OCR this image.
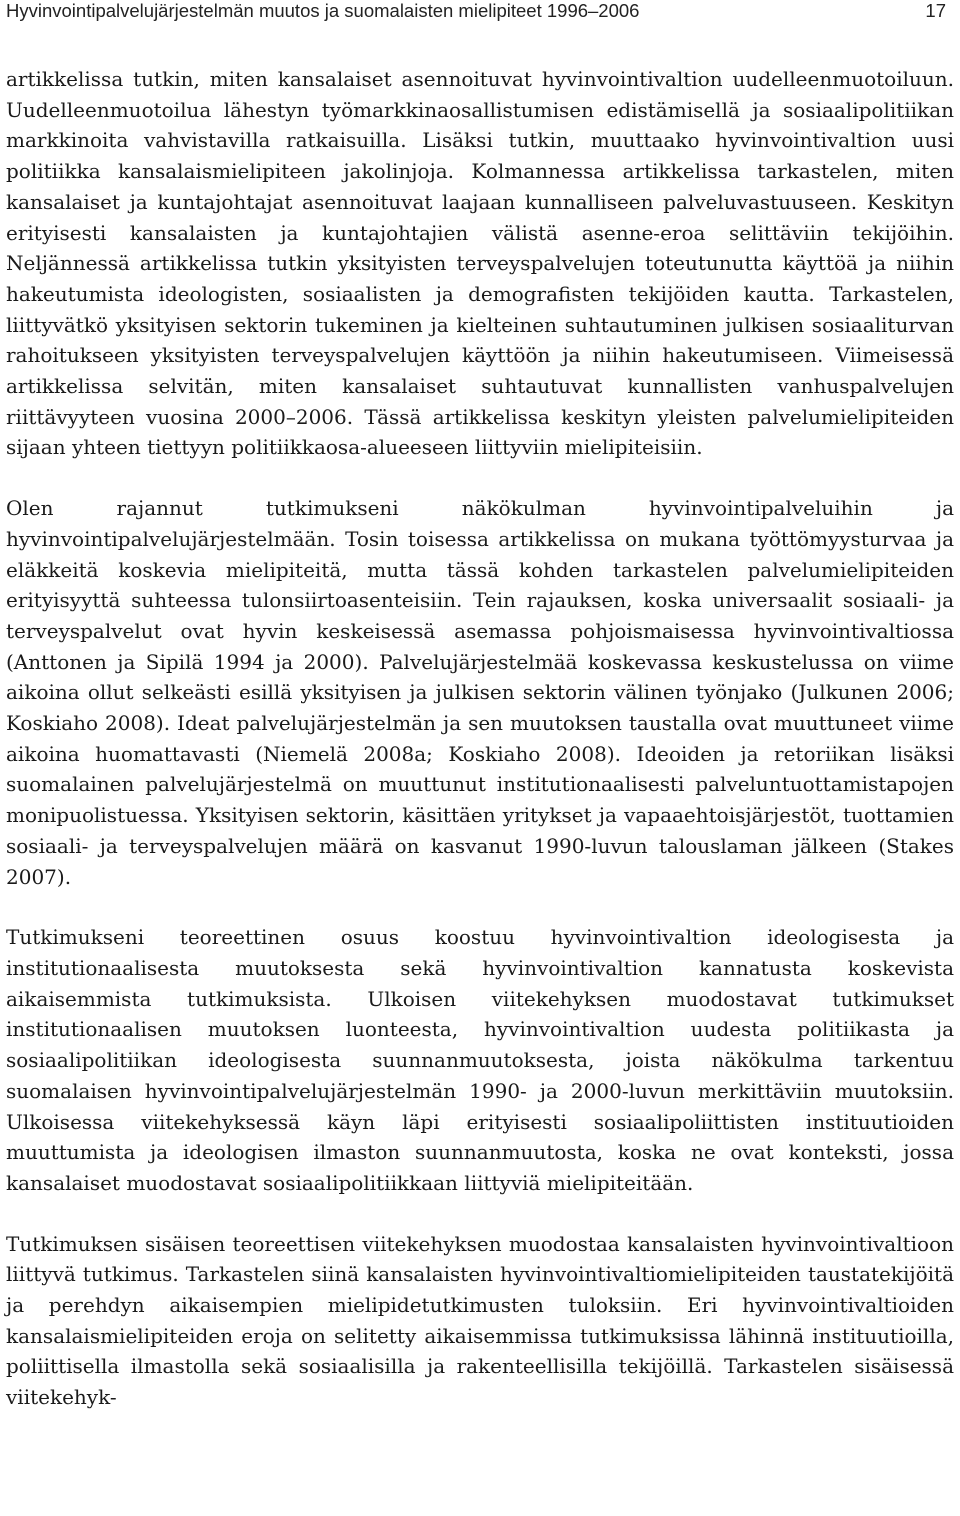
Hyvinvointipalvelujärjestelmän muutos ja suomalaisten mielipiteet 1996–2006	17

artikkelissa tutkin, miten kansalaiset asennoituvat hyvinvointivaltion uudelleenmuotoiluun. Uudelleenmuotoilua lähestyn työmarkkinaosallistumisen edistämisellä ja sosiaalipolitiikan markkinoita vahvistavilla ratkaisuilla. Lisäksi tutkin, muuttaako hyvinvointivaltion uusi politiikka kansalaismielipiteen jakolinjoja. Kolmannessa artikkelissa tarkastelen, miten kansalaiset ja kuntajohtajat asennoituvat laajaan kunnalliseen palveluvastuuseen. Keskityn erityisesti kansalaisten ja kuntajohtajien välistä asenne-eroa selittäviin tekijöihin. Neljännessä artikkelissa tutkin yksityisten terveyspalvelujen toteutunutta käyttöä ja niihin hakeutumista ideologisten, sosiaalisten ja demografisten tekijöiden kautta. Tarkastelen, liittyvätkö yksityisen sektorin tukeminen ja kielteinen suhtautuminen julkisen sosiaaliturvan rahoitukseen yksityisten terveyspalvelujen käyttöön ja niihin hakeutumiseen. Viimeisessä artikkelissa selvitän, miten kansalaiset suhtautuvat kunnallisten vanhuspalvelujen riittävyyteen vuosina 2000–2006. Tässä artikkelissa keskityn yleisten palvelumielipiteiden sijaan yhteen tiettyyn politiikkaosa-alueeseen liittyviin mielipiteisiin.

Olen rajannut tutkimukseni näkökulman hyvinvointipalveluihin ja hyvinvointipalvelujärjestelmään. Tosin toisessa artikkelissa on mukana työttömyysturvaa ja eläkkeitä koskevia mielipiteitä, mutta tässä kohden tarkastelen palvelumielipiteiden erityisyyttä suhteessa tulonsiirtoasenteisiin. Tein rajauksen, koska universaalit sosiaali- ja terveyspalvelut ovat hyvin keskeisessä asemassa pohjoismaisessa hyvinvointivaltiossa (Anttonen ja Sipilä 1994 ja 2000). Palvelujärjestelmää koskevassa keskustelussa on viime aikoina ollut selkeästi esillä yksityisen ja julkisen sektorin välinen työnjako (Julkunen 2006; Koskiaho 2008). Ideat palvelujärjestelmän ja sen muutoksen taustalla ovat muuttuneet viime aikoina huomattavasti (Niemelä 2008a; Koskiaho 2008). Ideoiden ja retoriikan lisäksi suomalainen palvelujärjestelmä on muuttunut institutionaalisesti palveluntuottamistapojen monipuolistuessa. Yksityisen sektorin, käsittäen yritykset ja vapaaehtoisjärjestöt, tuottamien sosiaali- ja terveyspalvelujen määrä on kasvanut 1990-luvun talouslaman jälkeen (Stakes 2007).

Tutkimukseni teoreettinen osuus koostuu hyvinvointivaltion ideologisesta ja institutionaalisesta muutoksesta sekä hyvinvointivaltion kannatusta koskevista aikaisemmista tutkimuksista. Ulkoisen viitekehyksen muodostavat tutkimukset institutionaalisen muutoksen luonteesta, hyvinvointivaltion uudesta politiikasta ja sosiaalipolitiikan ideologisesta suunnanmuutoksesta, joista näkökulma tarkentuu suomalaisen hyvinvointipalvelujärjestelmän 1990- ja 2000-luvun merkittäviin muutoksiin. Ulkoisessa viitekehyksessä käyn läpi erityisesti sosiaalipoliittisten instituutioiden muuttumista ja ideologisen ilmaston suunnanmuutosta, koska ne ovat konteksti, jossa kansalaiset muodostavat sosiaalipolitiikkaan liittyviä mielipiteitään.

Tutkimuksen sisäisen teoreettisen viitekehyksen muodostaa kansalaisten hyvinvointivaltioon liittyvä tutkimus. Tarkastelen siinä kansalaisten hyvinvointivaltiomielipiteiden taustatekijöitä ja perehdyn aikaisempien mielipidetutkimusten tuloksiin. Eri hyvinvointivaltioiden kansalaismielipiteiden eroja on selitetty aikaisemmissa tutkimuksissa lähinnä instituutioilla, poliittisella ilmastolla sekä sosiaalisilla ja rakenteellisilla tekijöillä. Tarkastelen sisäisessä viitekehyk-
